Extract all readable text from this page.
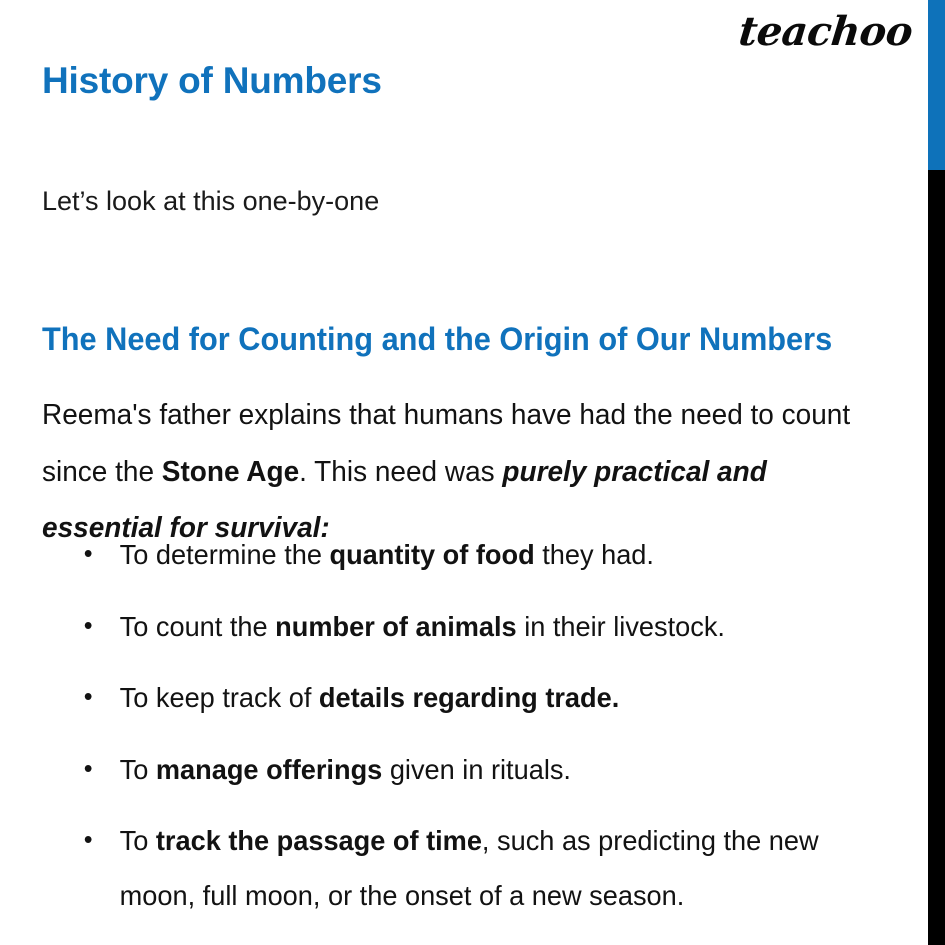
teachoo
History of Numbers

Let’s look at this one-by-one

The Need for Counting and the Origin of Our Numbers

Reema's father explains that humans have had the need to count since the Stone Age. This need was purely practical and essential for survival:

• To determine the quantity of food they had.
• To count the number of animals in their livestock.
• To keep track of details regarding trade.
• To manage offerings given in rituals.
• To track the passage of time, such as predicting the new
moon, full moon, or the onset of a new season.
